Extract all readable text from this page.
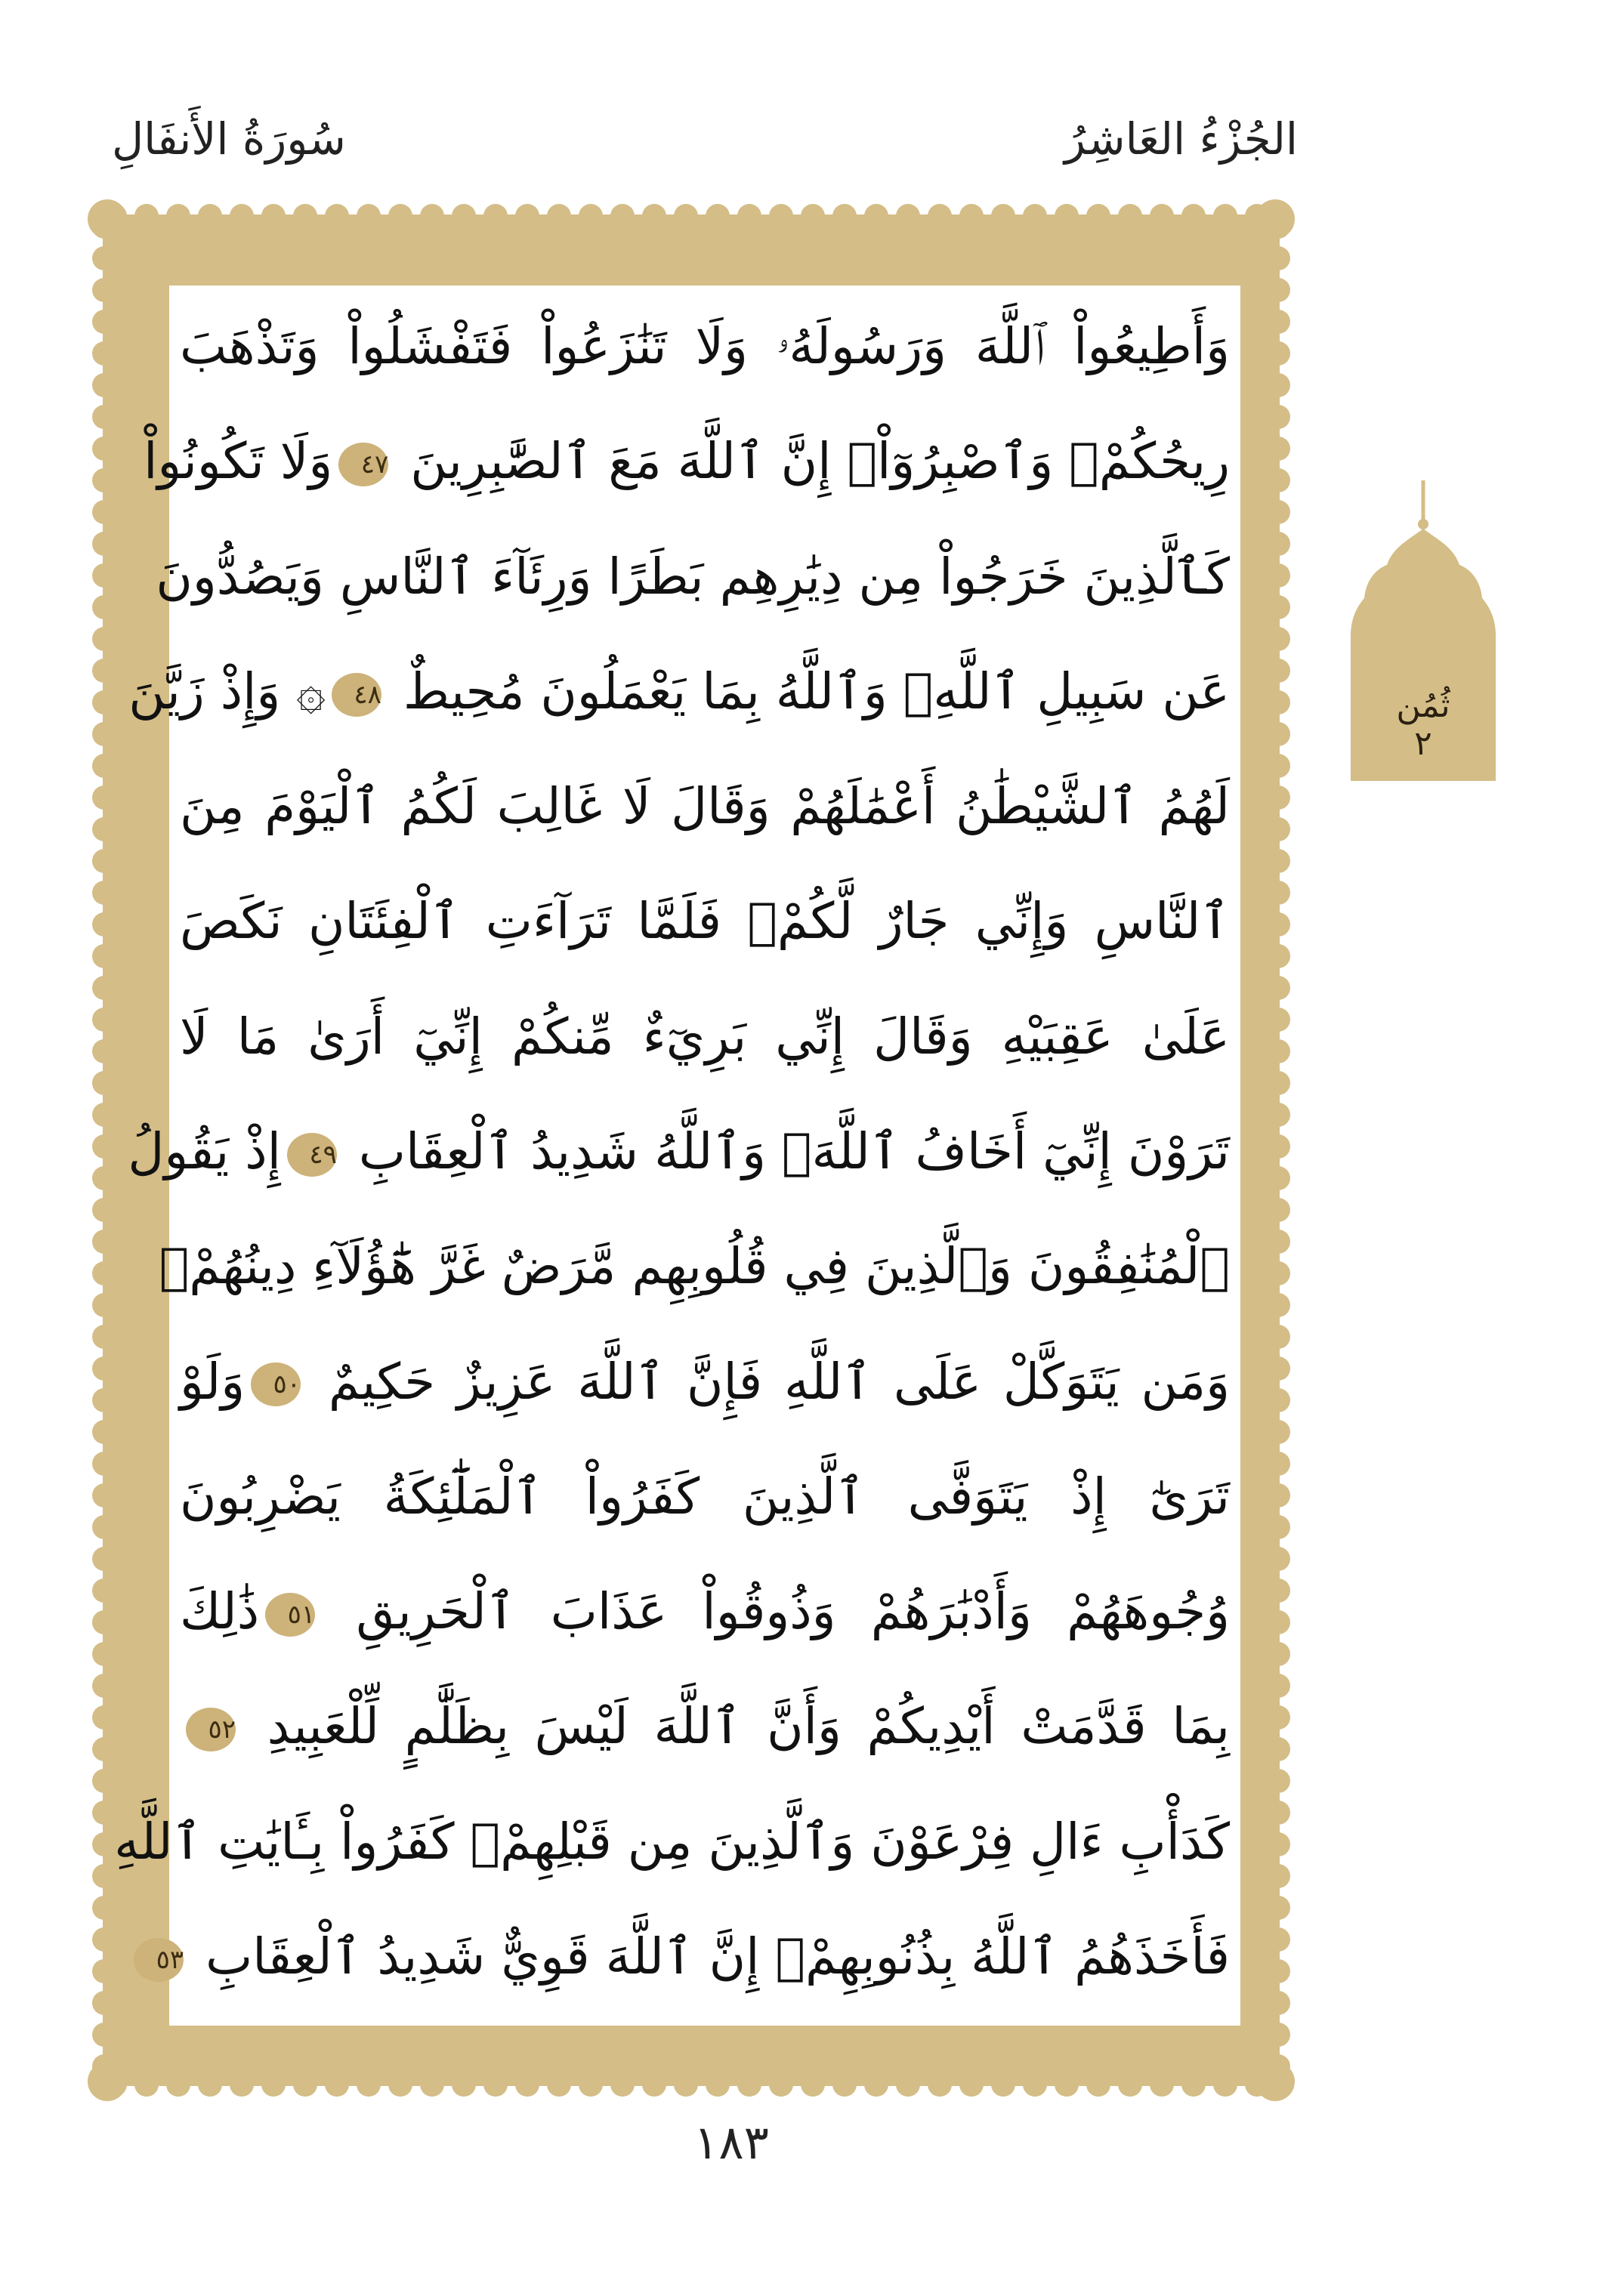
سُورَةُ الأَنفَالِ	الجُزْءُ العَاشِرُ
وَأَطِيعُواْ ٱللَّهَ وَرَسُولَهُۥ وَلَا تَنَٰزَعُواْ فَتَفْشَلُواْ وَتَذْهَبَ
رِيحُكُمْۖ وَٱصْبِرُوٓاْۚ إِنَّ ٱللَّهَ مَعَ ٱلصَّٰبِرِينَ ٤٧وَلَا تَكُونُواْ
كَٱلَّذِينَ خَرَجُواْ مِن دِيَٰرِهِم بَطَرًا وَرِئَآءَ ٱلنَّاسِ وَيَصُدُّونَ
عَن سَبِيلِ ٱللَّهِۚ وَٱللَّهُ بِمَا يَعْمَلُونَ مُحِيطٌ ٤٨۞ وَإِذْ زَيَّنَ
لَهُمُ ٱلشَّيْطَٰنُ أَعْمَٰلَهُمْ وَقَالَ لَا غَالِبَ لَكُمُ ٱلْيَوْمَ مِنَ
ٱلنَّاسِ وَإِنِّي جَارٌ لَّكُمْۖ فَلَمَّا تَرَآءَتِ ٱلْفِئَتَانِ نَكَصَ
عَلَىٰ عَقِبَيْهِ وَقَالَ إِنِّي بَرِيٓءٌ مِّنكُمْ إِنِّيٓ أَرَىٰ مَا لَا
تَرَوْنَ إِنِّيٓ أَخَافُ ٱللَّهَۚ وَٱللَّهُ شَدِيدُ ٱلْعِقَابِ ٤٩إِذْ يَقُولُ
ٱلْمُنَٰفِقُونَ وَٱلَّذِينَ فِي قُلُوبِهِم مَّرَضٌ غَرَّ هَٰٓؤُلَآءِ دِينُهُمْۗ
وَمَن يَتَوَكَّلْ عَلَى ٱللَّهِ فَإِنَّ ٱللَّهَ عَزِيزٌ حَكِيمٌ ٥٠وَلَوْ
تَرَىٰٓ إِذْ يَتَوَفَّى ٱلَّذِينَ كَفَرُواْ ٱلْمَلَٰٓئِكَةُ يَضْرِبُونَ
وُجُوهَهُمْ وَأَدْبَٰرَهُمْ وَذُوقُواْ عَذَابَ ٱلْحَرِيقِ ٥١ذَٰلِكَ
بِمَا قَدَّمَتْ أَيْدِيكُمْ وَأَنَّ ٱللَّهَ لَيْسَ بِظَلَّٰمٍ لِّلْعَبِيدِ ٥٢
كَدَأْبِ ءَالِ فِرْعَوْنَ وَٱلَّذِينَ مِن قَبْلِهِمْۚ كَفَرُواْ بِـَٔايَٰتِ ٱللَّهِ
فَأَخَذَهُمُ ٱللَّهُ بِذُنُوبِهِمْۚ إِنَّ ٱللَّهَ قَوِيٌّ شَدِيدُ ٱلْعِقَابِ ٥٣
ثُمُن
٢
١٨٣
